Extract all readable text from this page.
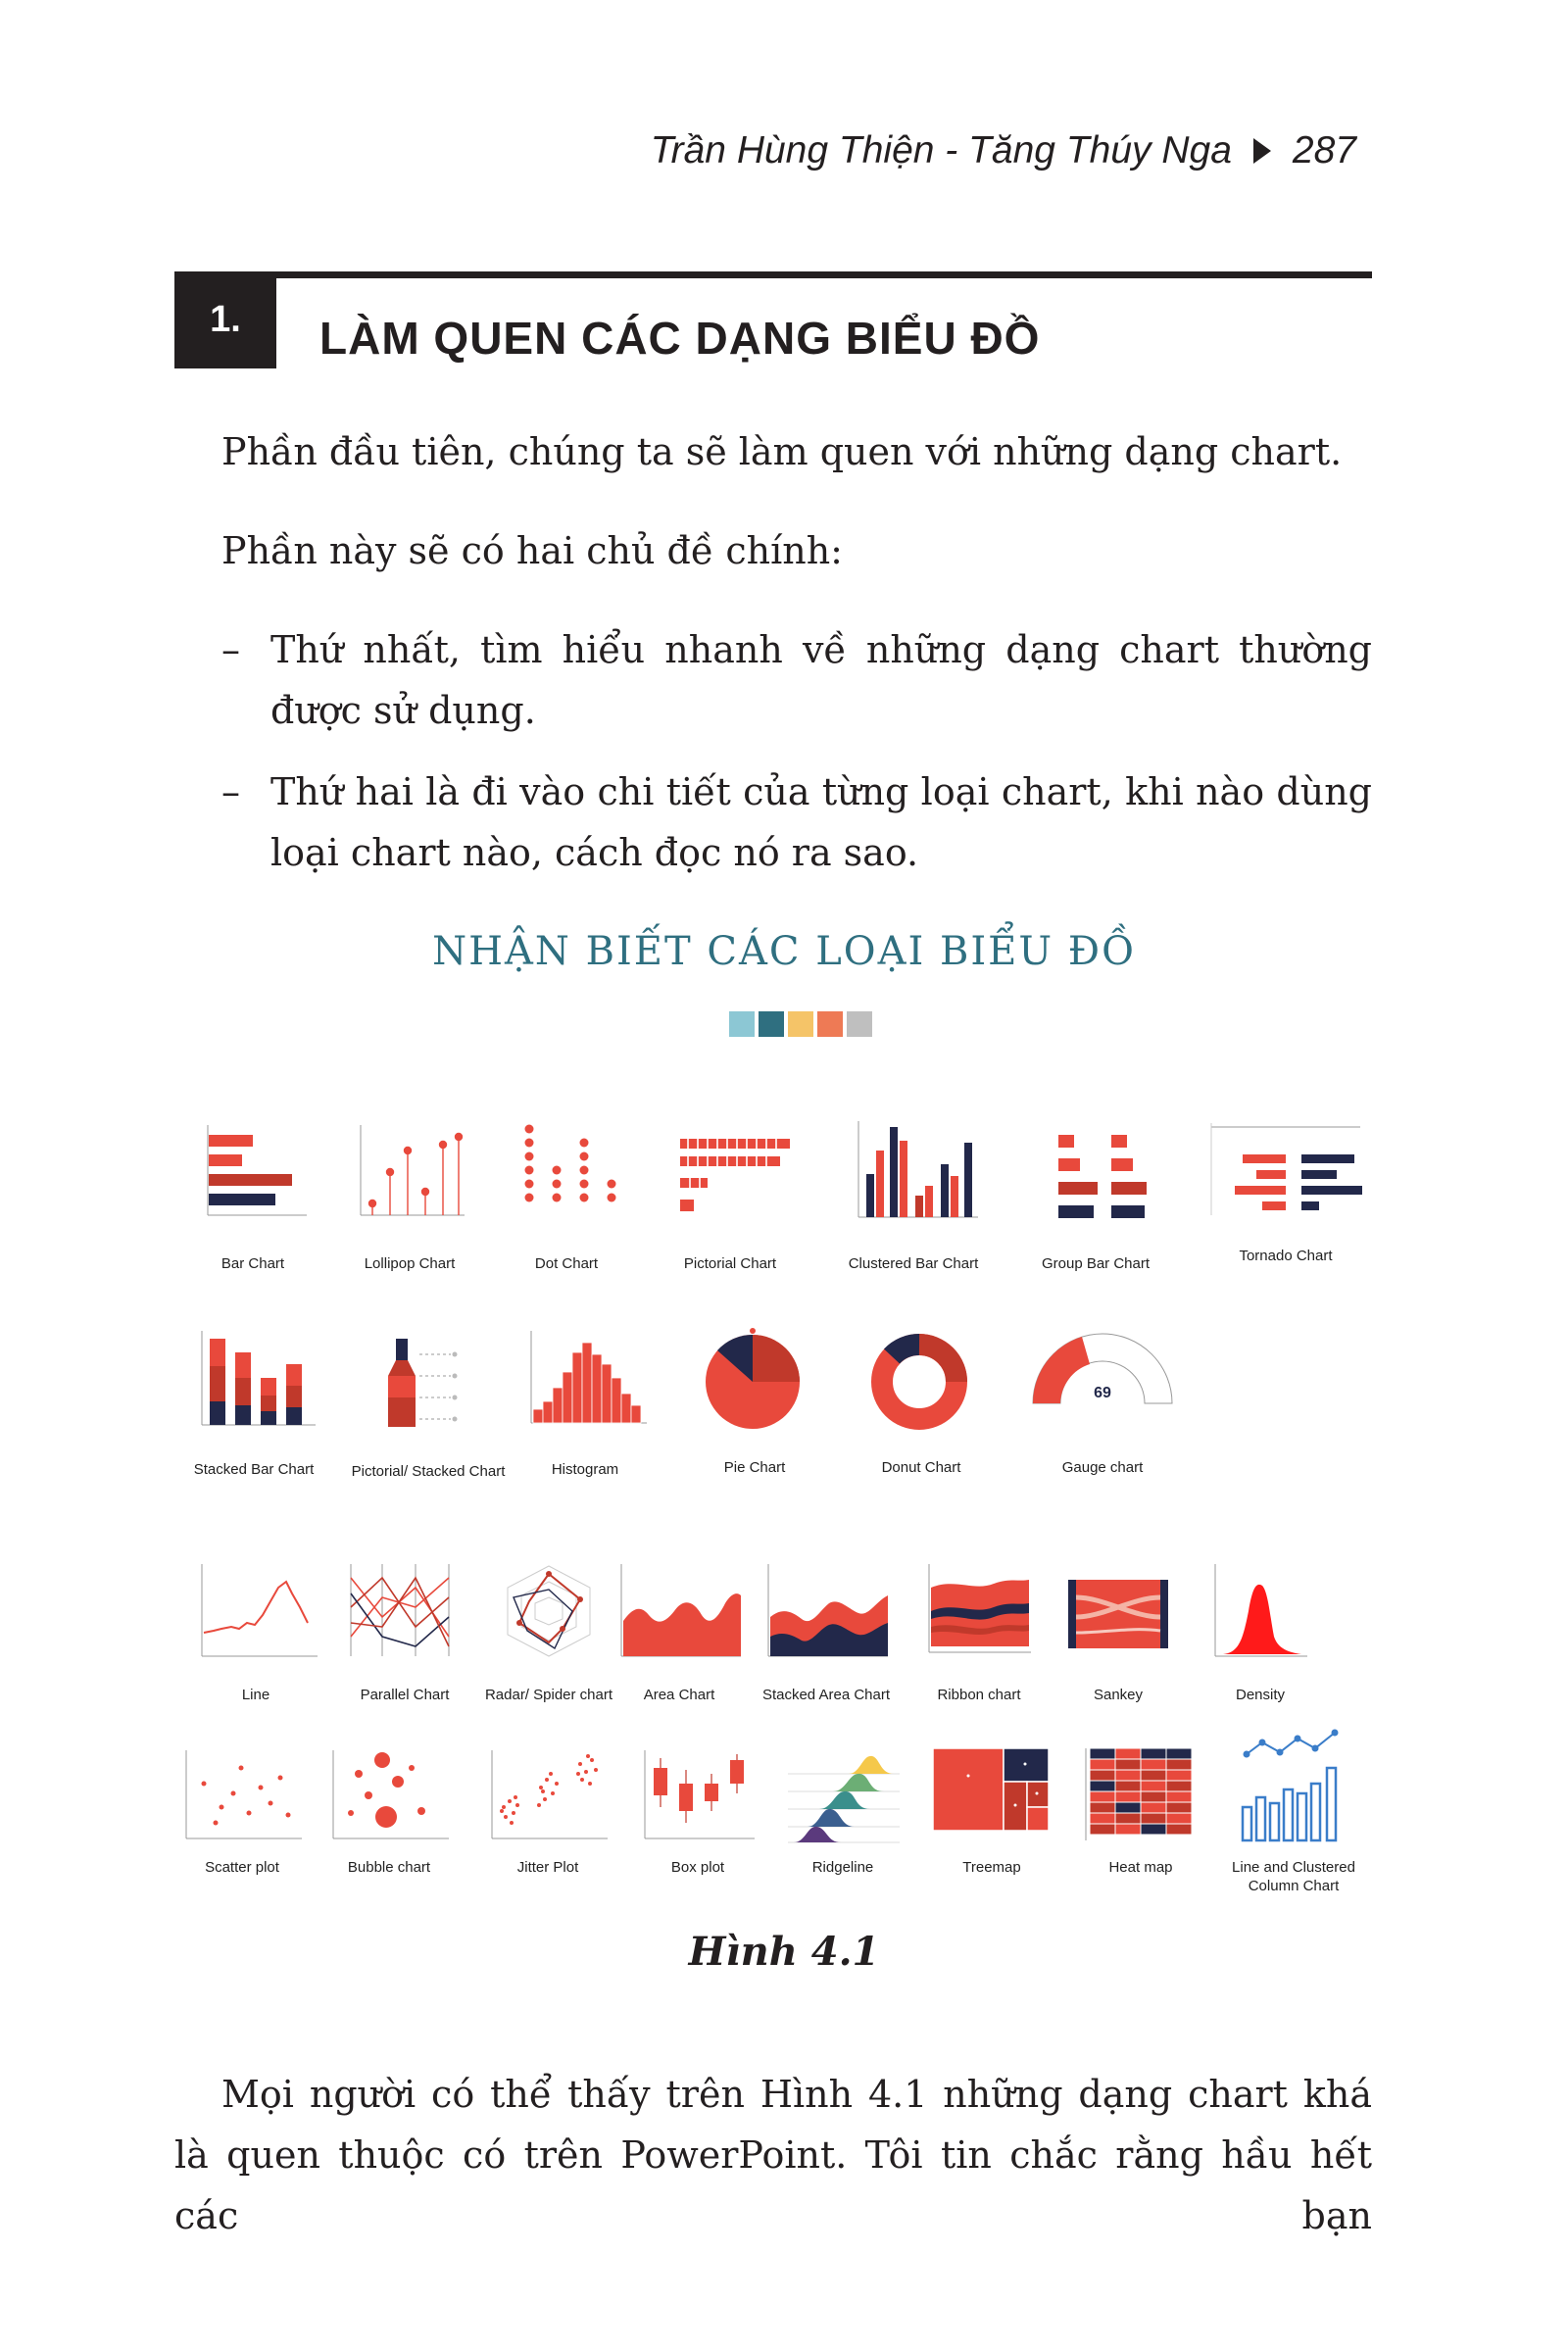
Trần Hùng Thiện - Tăng Thúy Nga 287
1.	LÀM QUEN CÁC DẠNG BIỂU ĐỒ

Phần đầu tiên, chúng ta sẽ làm quen với những dạng chart.

Phần này sẽ có hai chủ đề chính:

– Thứ nhất, tìm hiểu nhanh về những dạng chart thường được sử dụng.
– Thứ hai là đi vào chi tiết của từng loại chart, khi nào dùng loại chart nào, cách đọc nó ra sao.
NHẬN BIẾT CÁC LOẠI BIỂU ĐỒ
Bar Chart	Lollipop Chart	Dot Chart	Pictorial Chart	Clustered Bar Chart	Group Bar Chart	Tornado Chart
Stacked Bar Chart	Pictorial/ Stacked Chart	Histogram	Pie Chart	Donut Chart
69
Gauge chart
Line	Parallel Chart	Radar/ Spider chart	Area Chart	Stacked Area Chart	Ribbon chart	Sankey	Density
Scatter plot	Bubble chart	Jitter Plot	Box plot	Ridgeline	Treemap	Heat map	Line and Clustered Column Chart
Hình 4.1

Mọi người có thể thấy trên Hình 4.1 những dạng chart khá là quen thuộc có trên PowerPoint. Tôi tin chắc rằng hầu hết các bạn
